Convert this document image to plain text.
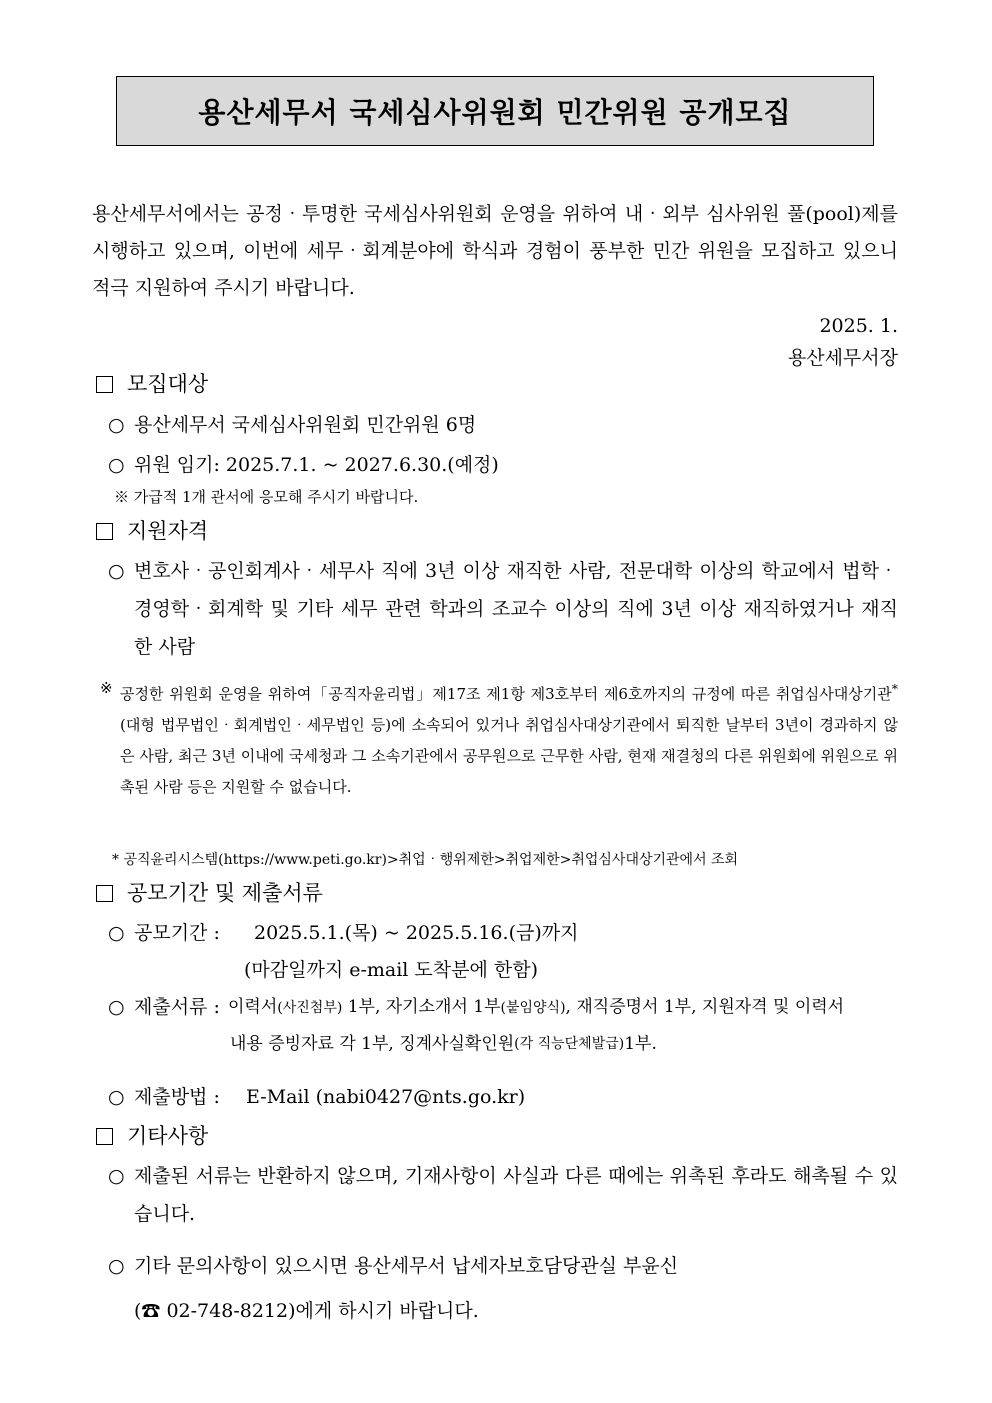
용산세무서 국세심사위원회 민간위원 공개모집
용산세무서에서는 공정‧투명한 국세심사위원회 운영을 위하여 내‧외부 심사위원 풀(pool)제를 시행하고 있으며, 이번에 세무‧회계분야에 학식과 경험이 풍부한 민간 위원을 모집하고 있으니 적극 지원하여 주시기 바랍니다.
2025. 1.
용산세무서장
모집대상
○ 용산세무서 국세심사위원회 민간위원 6명
○ 위원 임기: 2025.7.1. ~ 2027.6.30.(예정)
※ 가급적 1개 관서에 응모해 주시기 바랍니다.
지원자격
○ 변호사‧공인회계사‧세무사 직에 3년 이상 재직한 사람, 전문대학 이상의 학교에서 법학‧경영학‧회계학 및 기타 세무 관련 학과의 조교수 이상의 직에 3년 이상 재직하였거나 재직한 사람
※ 공정한 위원회 운영을 위하여「공직자윤리법」제17조 제1항 제3호부터 제6호까지의 규정에 따른 취업심사대상기관*(대형 법무법인‧회계법인‧세무법인 등)에 소속되어 있거나 취업심사대상기관에서 퇴직한 날부터 3년이 경과하지 않은 사람, 최근 3년 이내에 국세청과 그 소속기관에서 공무원으로 근무한 사람, 현재 재결청의 다른 위원회에 위원으로 위촉된 사람 등은 지원할 수 없습니다.
* 공직윤리시스템(https://www.peti.go.kr)>취업‧행위제한>취업제한>취업심사대상기관에서 조회
공모기간 및 제출서류
○ 공모기간 :	2025.5.1.(목) ~ 2025.5.16.(금)까지
(마감일까지 e-mail 도착분에 한함)
○ 제출서류 : 이력서(사진첨부) 1부, 자기소개서 1부(붙임양식), 재직증명서 1부, 지원자격 및 이력서
내용 증빙자료 각 1부, 징계사실확인원 (각 직능단체발급) 1부.
○ 제출방법 :	E-Mail (nabi0427@nts.go.kr)
기타사항
○ 제출된 서류는 반환하지 않으며, 기재사항이 사실과 다른 때에는 위촉된 후라도 해촉될 수 있습니다.
○ 기타 문의사항이 있으시면 용산세무서 납세자보호담당관실 부윤신
(☎ 02-748-8212)에게 하시기 바랍니다.
